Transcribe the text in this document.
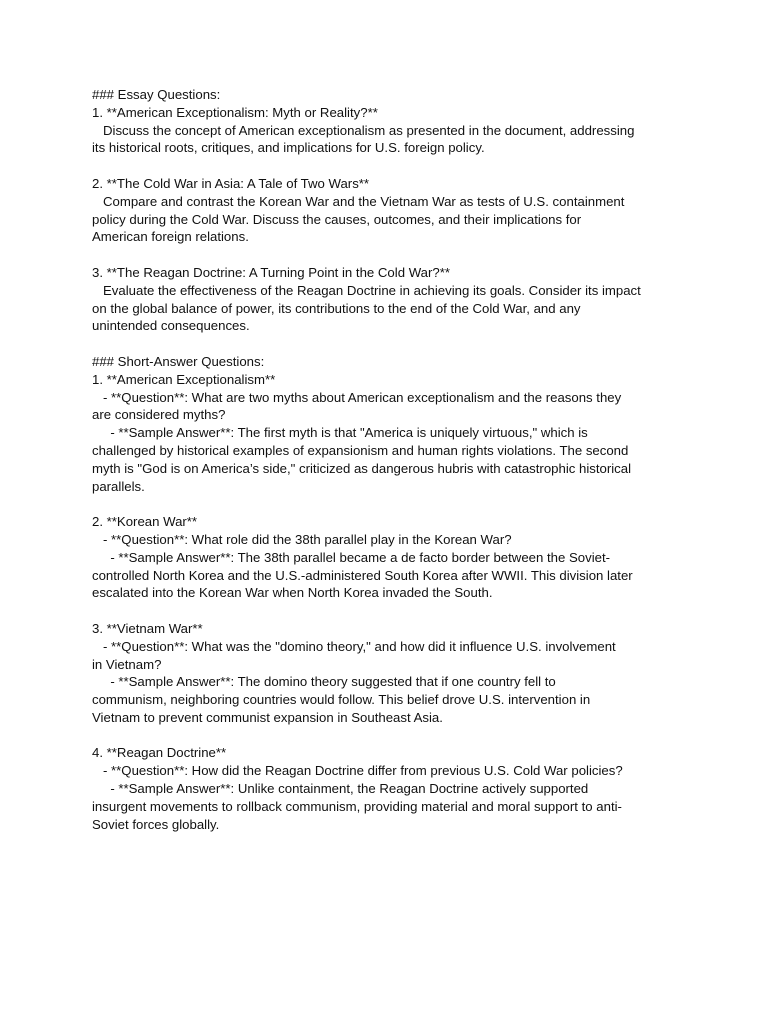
### Essay Questions:
1. **American Exceptionalism: Myth or Reality?**
Discuss the concept of American exceptionalism as presented in the document, addressing
its historical roots, critiques, and implications for U.S. foreign policy.
2. **The Cold War in Asia: A Tale of Two Wars**
Compare and contrast the Korean War and the Vietnam War as tests of U.S. containment
policy during the Cold War. Discuss the causes, outcomes, and their implications for
American foreign relations.
3. **The Reagan Doctrine: A Turning Point in the Cold War?**
Evaluate the effectiveness of the Reagan Doctrine in achieving its goals. Consider its impact
on the global balance of power, its contributions to the end of the Cold War, and any
unintended consequences.
### Short-Answer Questions:
1. **American Exceptionalism**
- **Question**: What are two myths about American exceptionalism and the reasons they
are considered myths?
- **Sample Answer**: The first myth is that "America is uniquely virtuous," which is
challenged by historical examples of expansionism and human rights violations. The second
myth is "God is on America’s side," criticized as dangerous hubris with catastrophic historical
parallels.
2. **Korean War**
- **Question**: What role did the 38th parallel play in the Korean War?
- **Sample Answer**: The 38th parallel became a de facto border between the Soviet-
controlled North Korea and the U.S.-administered South Korea after WWII. This division later
escalated into the Korean War when North Korea invaded the South.
3. **Vietnam War**
- **Question**: What was the "domino theory," and how did it influence U.S. involvement
in Vietnam?
- **Sample Answer**: The domino theory suggested that if one country fell to
communism, neighboring countries would follow. This belief drove U.S. intervention in
Vietnam to prevent communist expansion in Southeast Asia.
4. **Reagan Doctrine**
- **Question**: How did the Reagan Doctrine differ from previous U.S. Cold War policies?
- **Sample Answer**: Unlike containment, the Reagan Doctrine actively supported
insurgent movements to rollback communism, providing material and moral support to anti-
Soviet forces globally.
